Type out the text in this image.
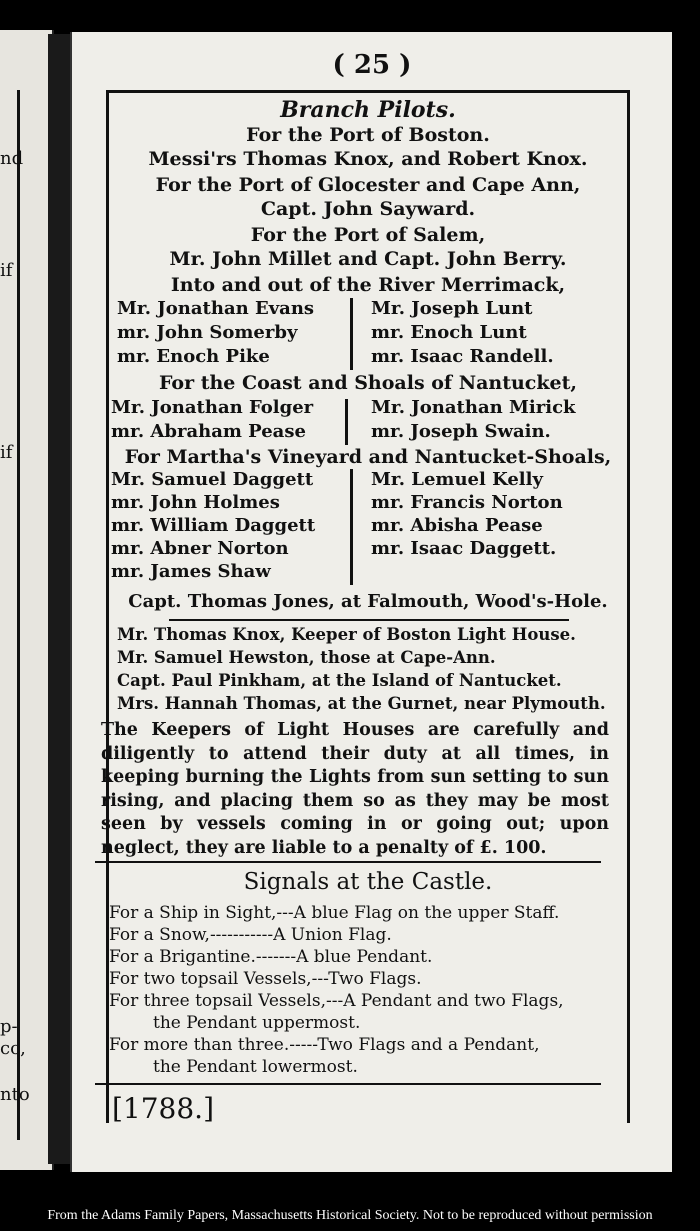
nd
if
if
p-
cc,
nto
( 25 )
Branch Pilots.
For the Port of Boston.
Messi'rs Thomas Knox, and Robert Knox.
For the Port of Glocester and Cape Ann,
Capt. John Sayward.
For the Port of Salem,
Mr. John Millet and Capt. John Berry.
Into and out of the River Merrimack,
Mr. Jonathan Evans
mr. John Somerby
mr. Enoch Pike
Mr. Joseph Lunt
mr. Enoch Lunt
mr. Isaac Randell.
For the Coast and Shoals of Nantucket,
Mr. Jonathan Folger
mr. Abraham Pease
Mr. Jonathan Mirick
mr. Joseph Swain.
For Martha's Vineyard and Nantucket-Shoals,
Mr. Samuel Daggett
mr. John Holmes
mr. William Daggett
mr. Abner Norton
mr. James Shaw
Mr. Lemuel Kelly
mr. Francis Norton
mr. Abisha Pease
mr. Isaac Daggett.
Capt. Thomas Jones, at Falmouth, Wood's-Hole.
Mr. Thomas Knox, Keeper of Boston Light House.
Mr. Samuel Hewston, those at Cape-Ann.
Capt. Paul Pinkham, at the Island of Nantucket.
Mrs. Hannah Thomas, at the Gurnet, near Plymouth.
The Keepers of Light Houses are carefully and diligently to attend their duty at all times, in keeping burning the Lights from sun setting to sun rising, and placing them so as they may be most seen by vessels coming in or going out; upon neglect, they are liable to a penalty of £. 100.
Signals at the Castle.
For a Ship in Sight,---A blue Flag on the upper Staff.
For a Snow,-----------A Union Flag.
For a Brigantine.-------A blue Pendant.
For two topsail Vessels,---Two Flags.
For three topsail Vessels,---A Pendant and two Flags,
the Pendant uppermost.
For more than three.-----Two Flags and a Pendant,
the Pendant lowermost.
[1788.]
From the Adams Family Papers, Massachusetts Historical Society. Not to be reproduced without permission
